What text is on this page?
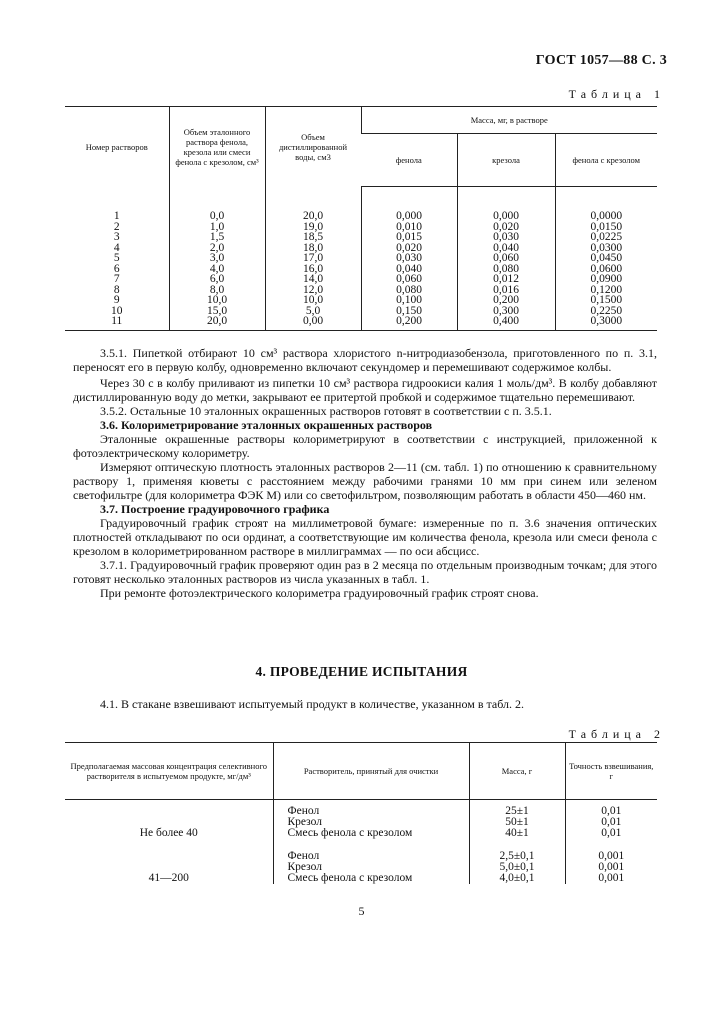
ГОСТ 1057—88 С. 3
Таблица 1
Номер растворов	Объем эталонного раствора фенола, крезола или смеси фенола с крезолом, см³	Объем дистиллированной воды, см3	Масса, мг, в растворе		
			фенола	крезола	фенола с крезолом
1	0,0	20,0	0,000	0,000	0,0000
2	1,0	19,0	0,010	0,020	0,0150
3	1,5	18,5	0,015	0,030	0,0225
4	2,0	18,0	0,020	0,040	0,0300
5	3,0	17,0	0,030	0,060	0,0450
6	4,0	16,0	0,040	0,080	0,0600
7	6,0	14,0	0,060	0,012	0,0900
8	8,0	12,0	0,080	0,016	0,1200
9	10,0	10,0	0,100	0,200	0,1500
10	15,0	5,0	0,150	0,300	0,2250
11	20,0	0,00	0,200	0,400	0,3000

3.5.1. Пипеткой отбирают 10 см³ раствора хлористого n-нитродиазобензола, приготовленного по п. 3.1, переносят его в первую колбу, одновременно включают секундомер и перемешивают содержимое колбы.

Через 30 с в колбу приливают из пипетки 10 см³ раствора гидроокиси калия 1 моль/дм³. В колбу добавляют дистиллированную воду до метки, закрывают ее притертой пробкой и содержимое тщательно перемешивают.

3.5.2. Остальные 10 эталонных окрашенных растворов готовят в соответствии с п. 3.5.1.

3.6. Колориметрирование эталонных окрашенных растворов

Эталонные окрашенные растворы колориметрируют в соответствии с инструкцией, приложенной к фотоэлектрическому колориметру.

Измеряют оптическую плотность эталонных растворов 2—11 (см. табл. 1) по отношению к сравнительному раствору 1, применяя кюветы с расстоянием между рабочими гранями 10 мм при синем или зеленом светофильтре (для колориметра ФЭК М) или со светофильтром, позволяющим работать в области 450—460 нм.

3.7. Построение градуировочного графика

Градуировочный график строят на миллиметровой бумаге: измеренные по п. 3.6 значения оптических плотностей откладывают по оси ординат, а соответствующие им количества фенола, крезола или смеси фенола с крезолом в колориметрированном растворе в миллиграммах — по оси абсцисс.

3.7.1. Градуировочный график проверяют один раз в 2 месяца по отдельным производным точкам; для этого готовят несколько эталонных растворов из числа указанных в табл. 1.

При ремонте фотоэлектрического колориметра градуировочный график строят снова.

4. ПРОВЕДЕНИЕ ИСПЫТАНИЯ
4.1. В стакане взвешивают испытуемый продукт в количестве, указанном в табл. 2.
Таблица 2
Предполагаемая массовая концентрация селективного растворителя в испытуемом продукте, мг/дм³	Растворитель, принятый для очистки	Масса, г	Точность взвешивания, г
	Фенол	25±1	0,01
	Крезол	50±1	0,01
Не более 40	Смесь фенола с крезолом	40±1	0,01
	Фенол	2,5±0,1	0,001
	Крезол	5,0±0,1	0,001
41—200	Смесь фенола с крезолом	4,0±0,1	0,001
5
